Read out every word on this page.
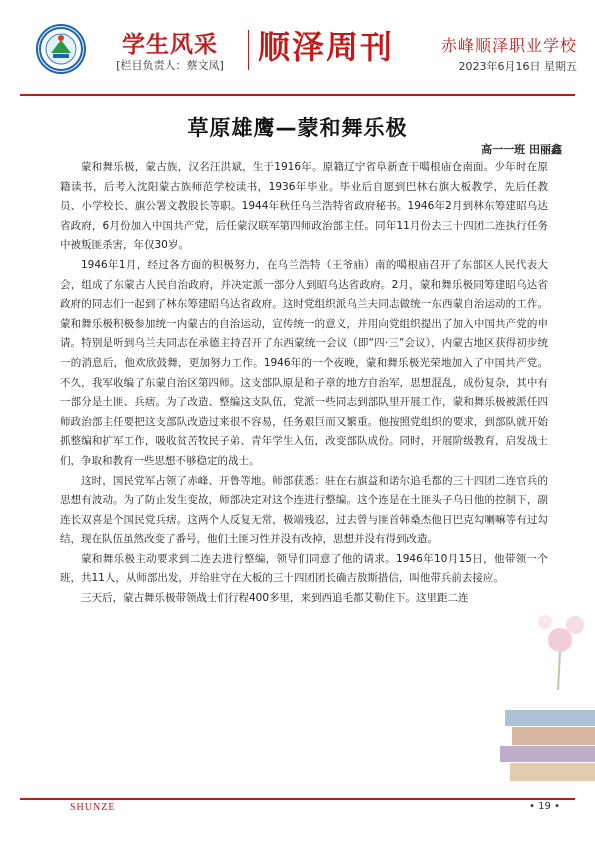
学生风采
[栏目负责人：蔡文凤]	顺泽周刊	赤峰顺泽职业学校
2023年6月16日 星期五
草原雄鹰—蒙和舞乐极
高一一班 田丽鑫

蒙和舞乐极，蒙古族，汉名汪洪斌，生于1916年。原籍辽宁省阜新查干噶根庙仓南面。少年时在原籍读书，后考入沈阳蒙古族师范学校读书，1936年毕业。毕业后自愿到巴林右旗大板教学，先后任教员、小学校长、旗公署文教股长等职。1944年秋任乌兰浩特省政府秘书。1946年2月到林东筹建昭乌达省政府，6月份加入中国共产党，后任蒙汉联军第四师政治部主任。同年11月份去三十四团二连执行任务中被叛匪杀害，年仅30岁。

1946年1月，经过各方面的积极努力，在乌兰浩特（王爷庙）南的噶根庙召开了东部区人民代表大会，组成了东蒙古人民自治政府，并决定派一部分人到昭乌达省政府。2月，蒙和舞乐极同筹建昭乌达省政府的同志们一起到了林东筹建昭乌达省政府。这时党组织派乌兰夫同志做统一东西蒙自治运动的工作。蒙和舞乐极积极参加统一内蒙古的自治运动，宣传统一的意义，并用向党组织提出了加入中国共产党的申请。特别是听到乌兰夫同志在承德主持召开了东西蒙统一会议（即“四·三”会议），内蒙古地区获得初步统一的消息后，他欢欣鼓舞，更加努力工作。1946年的一个夜晚，蒙和舞乐极光荣地加入了中国共产党。不久，我军收编了东蒙自治区第四师。这支部队原是和子章的地方自治军，思想混乱，成份复杂，其中有一部分是土匪、兵痞。为了改造、整编这支队伍，党派一些同志到部队里开展工作，蒙和舞乐极被派任四师政治部主任要把这支部队改造过来很不容易，任务艰巨而又繁重。他按照党组织的要求，到部队就开始抓整编和扩军工作，吸收贫苦牧民子弟、青年学生入伍，改变部队成份。同时，开展阶级教育，启发战士们，争取和教育一些思想不够稳定的战士。

这时，国民党军占领了赤峰、开鲁等地。师部获悉：驻在右旗益和诺尔追毛都的三十四团二连官兵的思想有波动。为了防止发生变故，师部决定对这个连进行整编。这个连是在土匪头子乌日他的控制下，副连长双喜是个国民党兵痞。这两个人反复无常，极端残忍，过去曾与匪首韩桑杰他日巴克勾喇嘛等有过勾结，现在队伍虽然改变了番号，他们土匪习性并没有改掉，思想并没有得到改造。

蒙和舞乐极主动要求到二连去进行整编，领导们同意了他的请求。1946年10月15日，他带领一个班，共11人，从师部出发，并给驻守在大板的三十四团团长确吉敖斯措信，叫他带兵前去接应。

三天后，蒙古舞乐极带领战士们行程400多里，来到西追毛都艾勒住下。这里距二连

SHUNZE	• 19 •
